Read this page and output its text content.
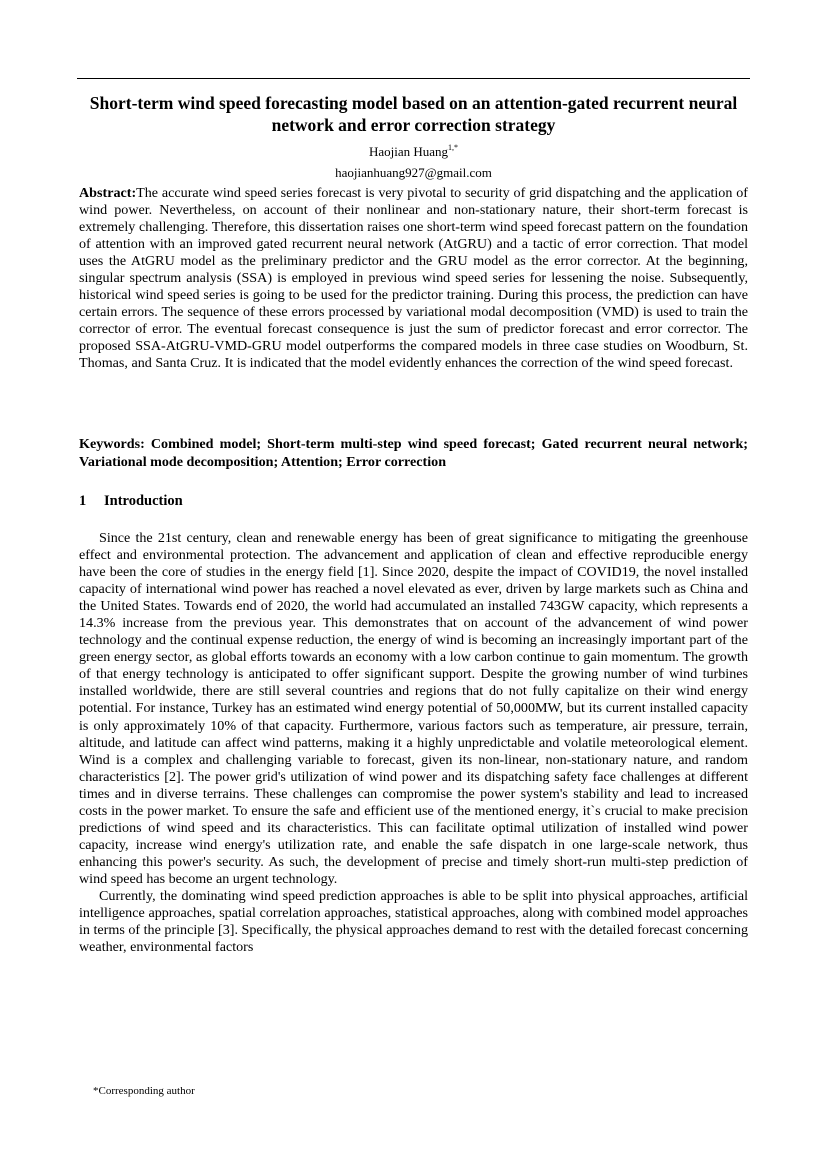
Short-term wind speed forecasting model based on an attention-gated recurrent neural network and error correction strategy
Haojian Huang$^{1,*}$
haojianhuang927@gmail.com
Abstract:The accurate wind speed series forecast is very pivotal to security of grid dispatching and the application of wind power. Nevertheless, on account of their nonlinear and non-stationary nature, their short-term forecast is extremely challenging. Therefore, this dissertation raises one short-term wind speed forecast pattern on the foundation of attention with an improved gated recurrent neural network (AtGRU) and a tactic of error correction. That model uses the AtGRU model as the preliminary predictor and the GRU model as the error corrector. At the beginning, singular spectrum analysis (SSA) is employed in previous wind speed series for lessening the noise. Subsequently, historical wind speed series is going to be used for the predictor training. During this process, the prediction can have certain errors. The sequence of these errors processed by variational modal decomposition (VMD) is used to train the corrector of error. The eventual forecast consequence is just the sum of predictor forecast and error corrector. The proposed SSA-AtGRU-VMD-GRU model outperforms the compared models in three case studies on Woodburn, St. Thomas, and Santa Cruz. It is indicated that the model evidently enhances the correction of the wind speed forecast.
Keywords: Combined model; Short-term multi-step wind speed forecast; Gated recurrent neural network; Variational mode decomposition; Attention; Error correction
1 Introduction

Since the 21st century, clean and renewable energy has been of great significance to mitigating the greenhouse effect and environmental protection. The advancement and application of clean and effective reproducible energy have been the core of studies in the energy field [1]. Since 2020, despite the impact of COVID19, the novel installed capacity of international wind power has reached a novel elevated as ever, driven by large markets such as China and the United States. Towards end of 2020, the world had accumulated an installed 743GW capacity, which represents a 14.3% increase from the previous year. This demonstrates that on account of the advancement of wind power technology and the continual expense reduction, the energy of wind is becoming an increasingly important part of the green energy sector, as global efforts towards an economy with a low carbon continue to gain momentum. The growth of that energy technology is anticipated to offer significant support. Despite the growing number of wind turbines installed worldwide, there are still several countries and regions that do not fully capitalize on their wind energy potential. For instance, Turkey has an estimated wind energy potential of 50,000MW, but its current installed capacity is only approximately 10% of that capacity. Furthermore, various factors such as temperature, air pressure, terrain, altitude, and latitude can affect wind patterns, making it a highly unpredictable and volatile meteorological element. Wind is a complex and challenging variable to forecast, given its non-linear, non-stationary nature, and random characteristics [2]. The power grid's utilization of wind power and its dispatching safety face challenges at different times and in diverse terrains. These challenges can compromise the power system's stability and lead to increased costs in the power market. To ensure the safe and efficient use of the mentioned energy, it`s crucial to make precision predictions of wind speed and its characteristics. This can facilitate optimal utilization of installed wind power capacity, increase wind energy's utilization rate, and enable the safe dispatch in one large-scale network, thus enhancing this power's security. As such, the development of precise and timely short-run multi-step prediction of wind speed has become an urgent technology.

Currently, the dominating wind speed prediction approaches is able to be split into physical approaches, artificial intelligence approaches, spatial correlation approaches, statistical approaches, along with combined model approaches in terms of the principle [3]. Specifically, the physical approaches demand to rest with the detailed forecast concerning weather, environmental factors

*Corresponding author
